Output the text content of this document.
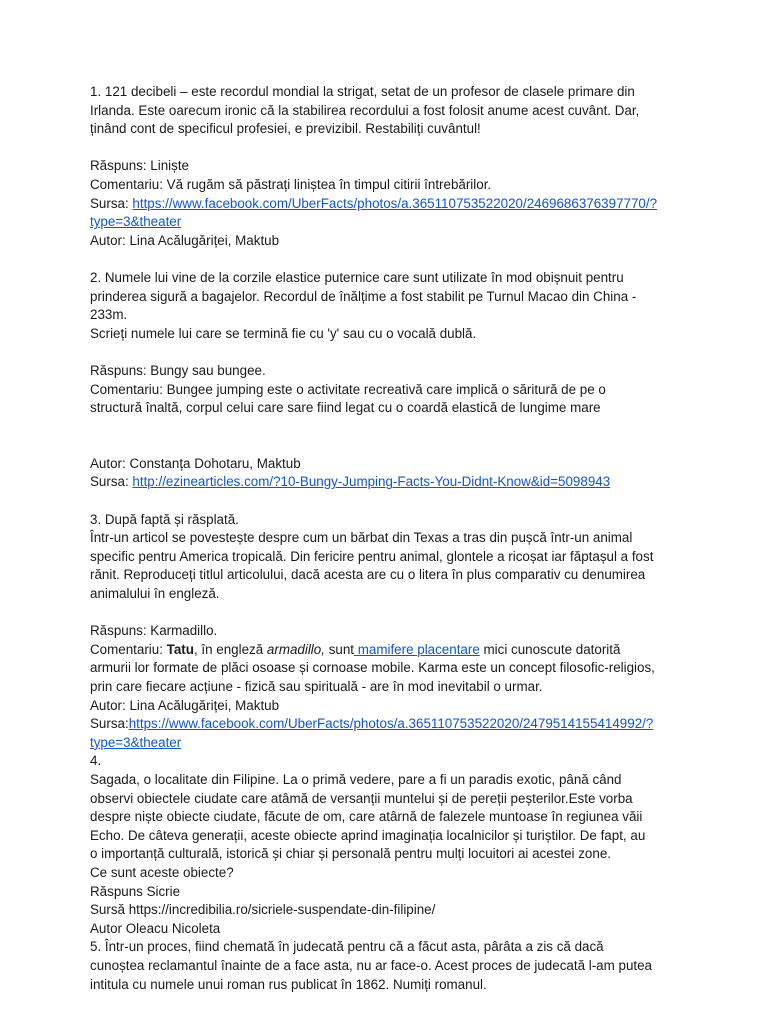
1. 121 decibeli – este recordul mondial la strigat, setat de un profesor de clasele primare din
Irlanda. Este oarecum ironic că la stabilirea recordului a fost folosit anume acest cuvânt. Dar,
ținând cont de specificul profesiei, e previzibil. Restabiliți cuvântul!
Răspuns: Liniște
Comentariu: Vă rugăm să păstrați liniștea în timpul citirii întrebărilor.
Sursa: https://www.facebook.com/UberFacts/photos/a.365110753522020/2469686376397770/?
type=3&theater
Autor: Lina Acălugăriței, Maktub
2. Numele lui vine de la corzile elastice puternice care sunt utilizate în mod obișnuit pentru
prinderea sigură a bagajelor. Recordul de înălțime a fost stabilit pe Turnul Macao din China -
233m.
Scrieți numele lui care se termină fie cu 'y' sau cu o vocală dublă.
Răspuns: Bungy sau bungee.
Comentariu: Bungee jumping este o activitate recreativă care implică o săritură de pe o
structură înaltă, corpul celui care sare fiind legat cu o coardă elastică de lungime mare
Autor: Constanța Dohotaru, Maktub
Sursa: http://ezinearticles.com/?10-Bungy-Jumping-Facts-You-Didnt-Know&id=5098943
3. După faptă și răsplată.
Într-un articol se povestește despre cum un bărbat din Texas a tras din pușcă într-un animal
specific pentru America tropicală. Din fericire pentru animal, glontele a ricoșat iar făptașul a fost
rănit. Reproduceți titlul articolului, dacă acesta are cu o litera în plus comparativ cu denumirea
animalului în engleză.
Răspuns: Karmadillo.
Comentariu: Tatu, în engleză armadillo, sunt mamifere placentare mici cunoscute datorită
armurii lor formate de plăci osoase și cornoase mobile. Karma este un concept filosofic-religios,
prin care fiecare acțiune - fizică sau spirituală - are în mod inevitabil o urmar.
Autor: Lina Acălugăriței, Maktub
Sursa:https://www.facebook.com/UberFacts/photos/a.365110753522020/2479514155414992/?
type=3&theater
4.
Sagada, o localitate din Filipine. La o primă vedere, pare a fi un paradis exotic, până când
observi obiectele ciudate care atâmă de versanții muntelui și de pereții peșterilor.Este vorba
despre niște obiecte ciudate, făcute de om, care atârnă de falezele muntoase în regiunea văii
Echo. De câteva generații, aceste obiecte aprind imaginația localnicilor și turiștilor. De fapt, au
o importanță culturală, istorică și chiar și personală pentru mulți locuitori ai acestei zone.
Ce sunt aceste obiecte?
Răspuns Sicrie
Sursă https://incredibilia.ro/sicriele-suspendate-din-filipine/
Autor Oleacu Nicoleta
5. Într-un proces, fiind chemată în judecată pentru că a făcut asta, pârâta a zis că dacă
cunoștea reclamantul înainte de a face asta, nu ar face-o. Acest proces de judecată l-am putea
intitula cu numele unui roman rus publicat în 1862. Numiți romanul.
